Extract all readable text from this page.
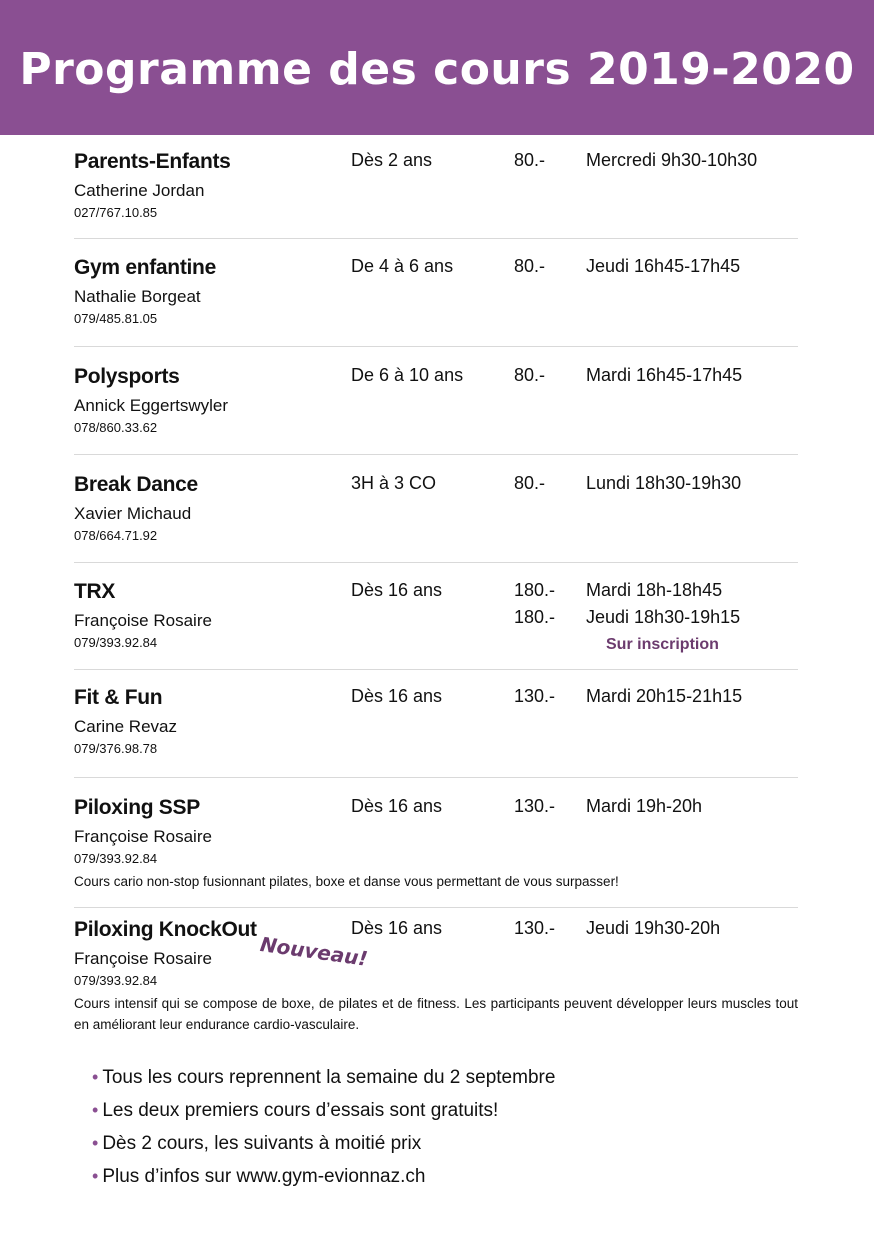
Programme des cours 2019-2020
Parents-Enfants
Catherine Jordan
027/767.10.85
Dès 2 ans	80.- Mercredi 9h30-10h30
Gym enfantine
Nathalie Borgeat
079/485.81.05
De 4 à 6 ans	80.- Jeudi 16h45-17h45
Polysports
Annick Eggertswyler
078/860.33.62
De 6 à 10 ans	80.- Mardi 16h45-17h45
Break Dance
Xavier Michaud
078/664.71.92
3H à 3 CO	80.- Lundi 18h30-19h30
TRX
Françoise Rosaire
079/393.92.84
Dès 16 ans	180.- Mardi 18h-18h45
180.- Jeudi 18h30-19h15
Sur inscription
Fit & Fun
Carine Revaz
079/376.98.78
Dès 16 ans	130.- Mardi 20h15-21h15
Piloxing SSP
Françoise Rosaire
079/393.92.84
Dès 16 ans	130.- Mardi 19h-20h
Cours cario non-stop fusionnant pilates, boxe et danse vous permettant de vous surpasser!
Piloxing KnockOut
Françoise Rosaire
079/393.92.84
Dès 16 ans	130.- Jeudi 19h30-20h
Cours intensif qui se compose de boxe, de pilates et de fitness. Les participants peuvent développer leurs muscles tout en améliorant leur endurance cardio-vasculaire.
Nouveau!
• Tous les cours reprennent la semaine du 2 septembre
• Les deux premiers cours d’essais sont gratuits!
• Dès 2 cours, les suivants à moitié prix
• Plus d’infos sur www.gym-evionnaz.ch
